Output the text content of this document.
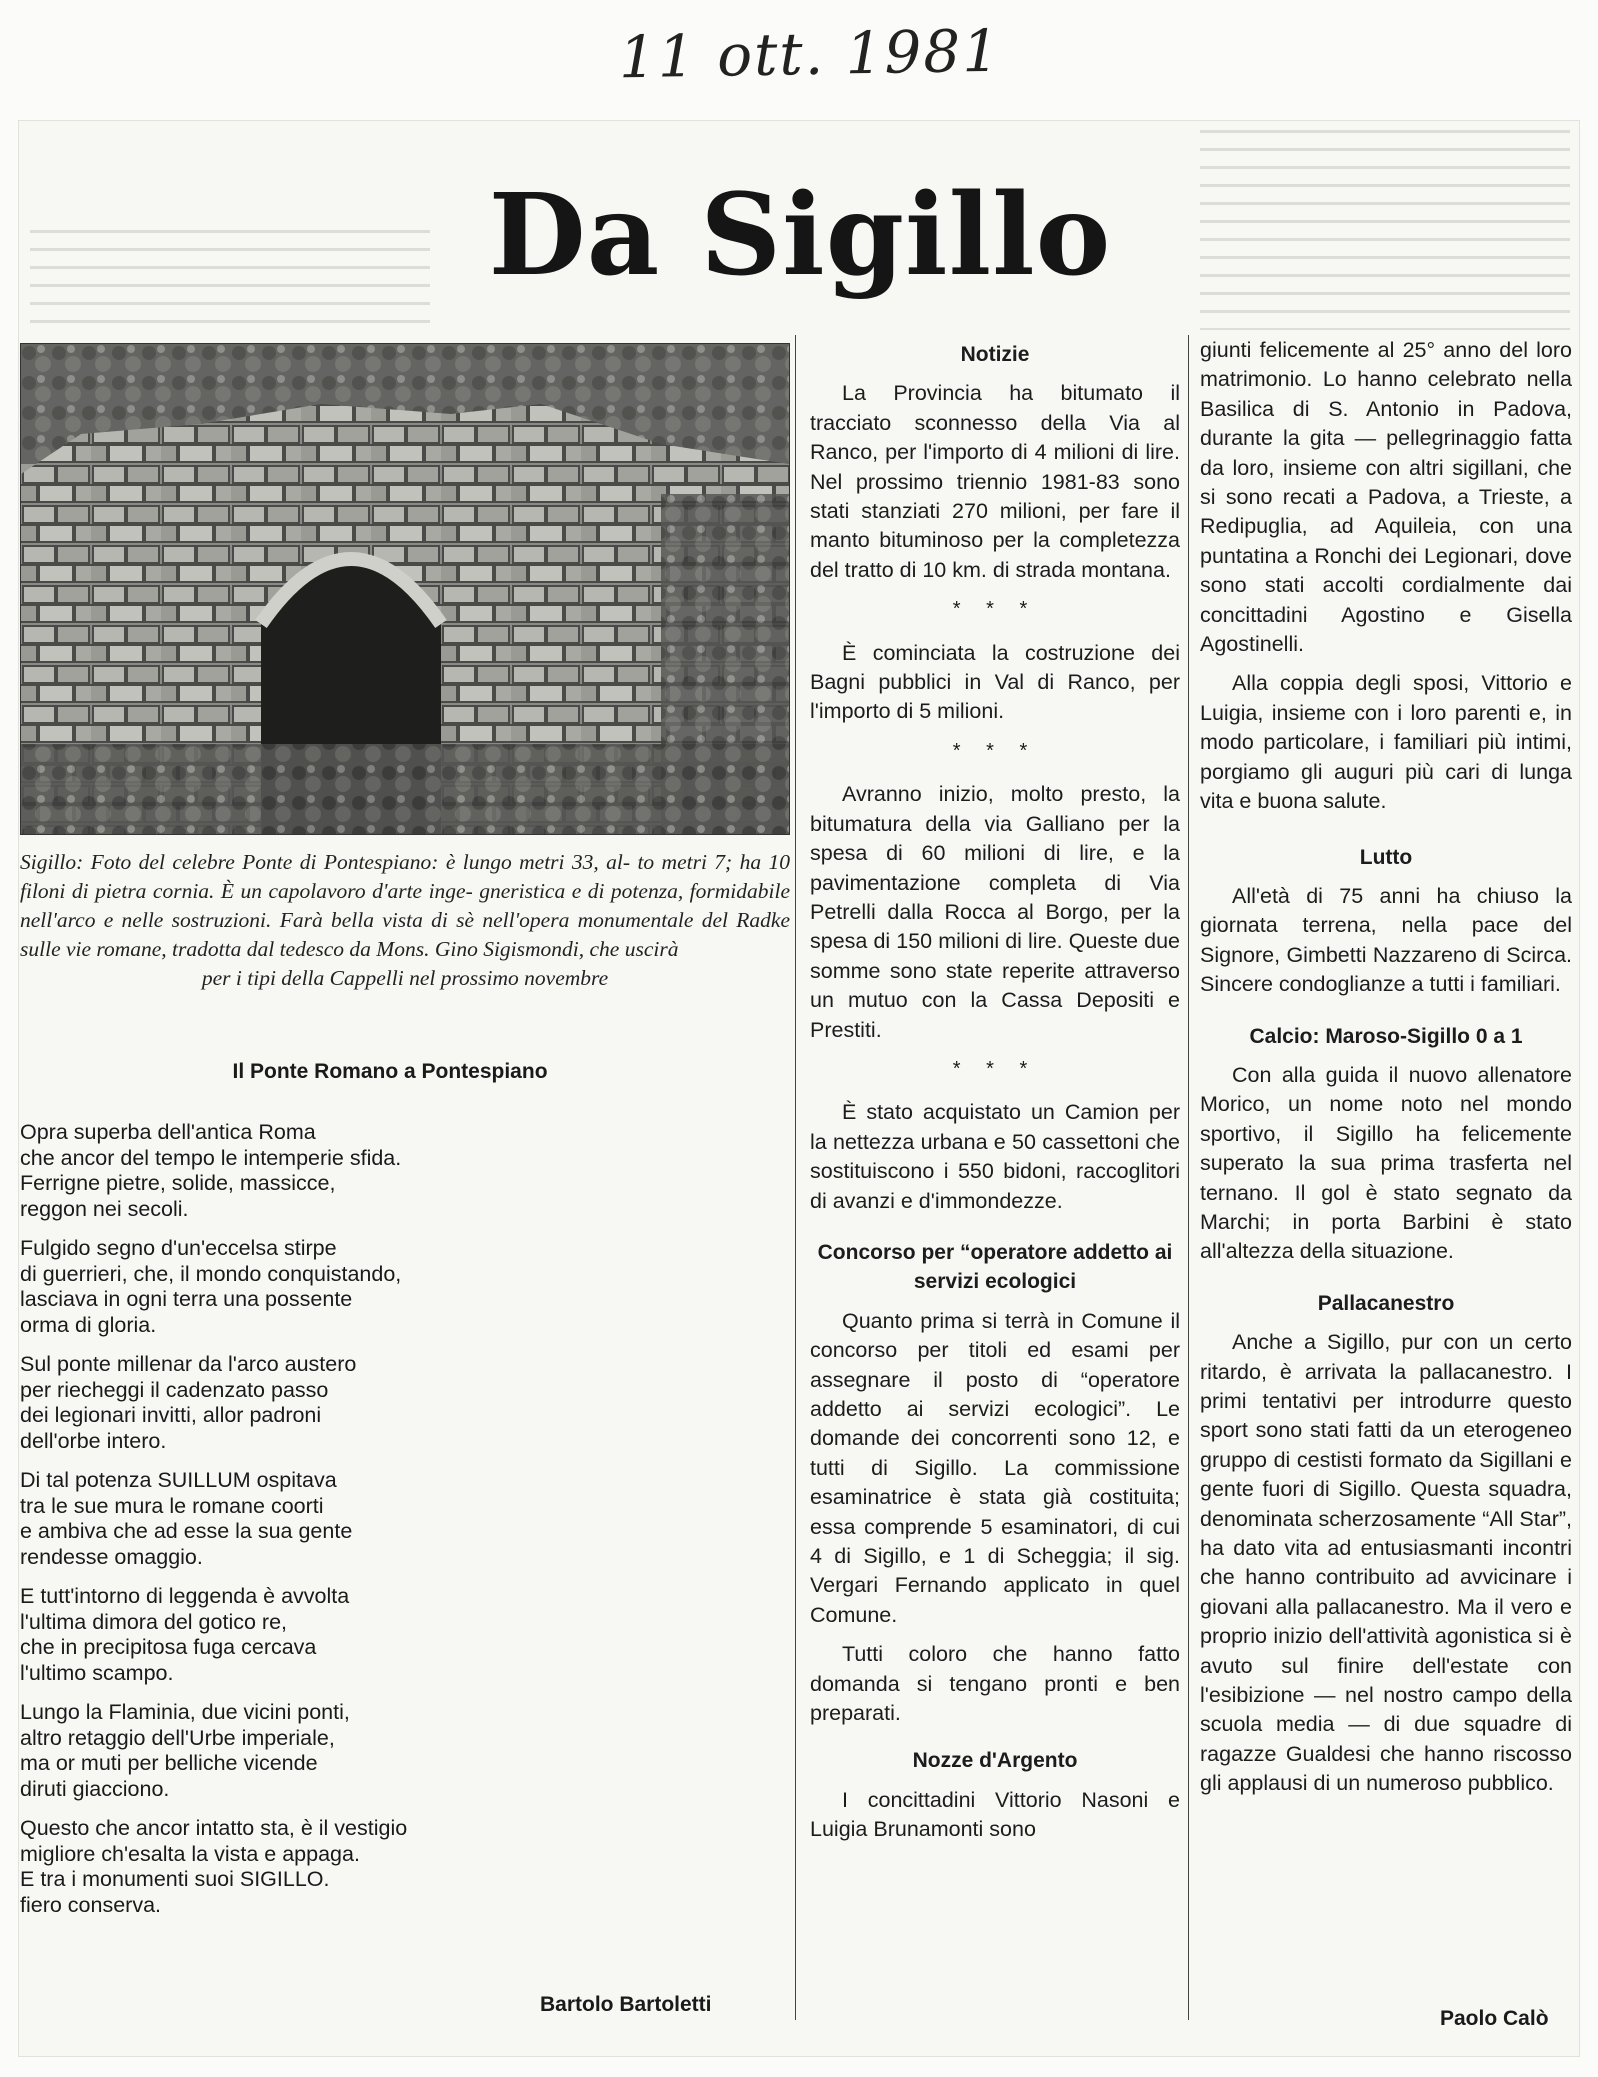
11 ott. 1981
Da Sigillo
Sigillo: Foto del celebre Ponte di Pontespiano: è lungo metri 33, al- to metri 7; ha 10 filoni di pietra cornia. È un capolavoro d'arte inge- gneristica e di potenza, formidabile nell'arco e nelle sostruzioni. Farà bella vista di sè nell'opera monumentale del Radke sulle vie romane, tradotta dal tedesco da Mons. Gino Sigismondi, che uscirà
per i tipi della Cappelli nel prossimo novembre
Il Ponte Romano a Pontespiano
Opra superba dell'antica Roma
che ancor del tempo le intemperie sfida.
Ferrigne pietre, solide, massicce,
reggon nei secoli.
Fulgido segno d'un'eccelsa stirpe
di guerrieri, che, il mondo conquistando,
lasciava in ogni terra una possente
orma di gloria.
Sul ponte millenar da l'arco austero
per riecheggi il cadenzato passo
dei legionari invitti, allor padroni
dell'orbe intero.
Di tal potenza SUILLUM ospitava
tra le sue mura le romane coorti
e ambiva che ad esse la sua gente
rendesse omaggio.
E tutt'intorno di leggenda è avvolta
l'ultima dimora del gotico re,
che in precipitosa fuga cercava
l'ultimo scampo.
Lungo la Flaminia, due vicini ponti,
altro retaggio dell'Urbe imperiale,
ma or muti per belliche vicende
diruti giacciono.
Questo che ancor intatto sta, è il vestigio
migliore ch'esalta la vista e appaga.
E tra i monumenti suoi SIGILLO.
fiero conserva.
Bartolo Bartoletti
Notizie

La Provincia ha bitumato il tracciato sconnesso della Via al Ranco, per l'importo di 4 milioni di lire. Nel prossimo triennio 1981-83 sono stati stanziati 270 milioni, per fare il manto bituminoso per la completezza del tratto di 10 km. di strada montana.

* * *

È cominciata la costruzione dei Bagni pubblici in Val di Ranco, per l'importo di 5 milioni.

* * *

Avranno inizio, molto presto, la bitumatura della via Galliano per la spesa di 60 milioni di lire, e la pavimentazione completa di Via Petrelli dalla Rocca al Borgo, per la spesa di 150 milioni di lire. Queste due somme sono state reperite attraverso un mutuo con la Cassa Depositi e Prestiti.

* * *

È stato acquistato un Camion per la nettezza urbana e 50 cassettoni che sostituiscono i 550 bidoni, raccoglitori di avanzi e d'immondezze.

Concorso per “operatore addetto ai servizi ecologici

Quanto prima si terrà in Comune il concorso per titoli ed esami per assegnare il posto di “operatore addetto ai servizi ecologici”. Le domande dei concorrenti sono 12, e tutti di Sigillo. La commissione esaminatrice è stata già costituita; essa comprende 5 esaminatori, di cui 4 di Sigillo, e 1 di Scheggia; il sig. Vergari Fernando applicato in quel Comune.

Tutti coloro che hanno fatto domanda si tengano pronti e ben preparati.

Nozze d'Argento

I concittadini Vittorio Nasoni e Luigia Brunamonti sono

giunti felicemente al 25° anno del loro matrimonio. Lo hanno celebrato nella Basilica di S. Antonio in Padova, durante la gita — pellegrinaggio fatta da loro, insieme con altri sigillani, che si sono recati a Padova, a Trieste, a Redipuglia, ad Aquileia, con una puntatina a Ronchi dei Legionari, dove sono stati accolti cordialmente dai concittadini Agostino e Gisella Agostinelli.

Alla coppia degli sposi, Vittorio e Luigia, insieme con i loro parenti e, in modo particolare, i familiari più intimi, porgiamo gli auguri più cari di lunga vita e buona salute.

Lutto

All'età di 75 anni ha chiuso la giornata terrena, nella pace del Signore, Gimbetti Nazzareno di Scirca. Sincere condoglianze a tutti i familiari.

Calcio: Maroso-Sigillo 0 a 1

Con alla guida il nuovo allenatore Morico, un nome noto nel mondo sportivo, il Sigillo ha felicemente superato la sua prima trasferta nel ternano. Il gol è stato segnato da Marchi; in porta Barbini è stato all'altezza della situazione.

Pallacanestro

Anche a Sigillo, pur con un certo ritardo, è arrivata la pallacanestro. I primi tentativi per introdurre questo sport sono stati fatti da un eterogeneo gruppo di cestisti formato da Sigillani e gente fuori di Sigillo. Questa squadra, denominata scherzosamente “All Star”, ha dato vita ad entusiasmanti incontri che hanno contribuito ad avvicinare i giovani alla pallacanestro. Ma il vero e proprio inizio dell'attività agonistica si è avuto sul finire dell'estate con l'esibizione — nel nostro campo della scuola media — di due squadre di ragazze Gualdesi che hanno riscosso gli applausi di un numeroso pubblico.

Paolo Calò
